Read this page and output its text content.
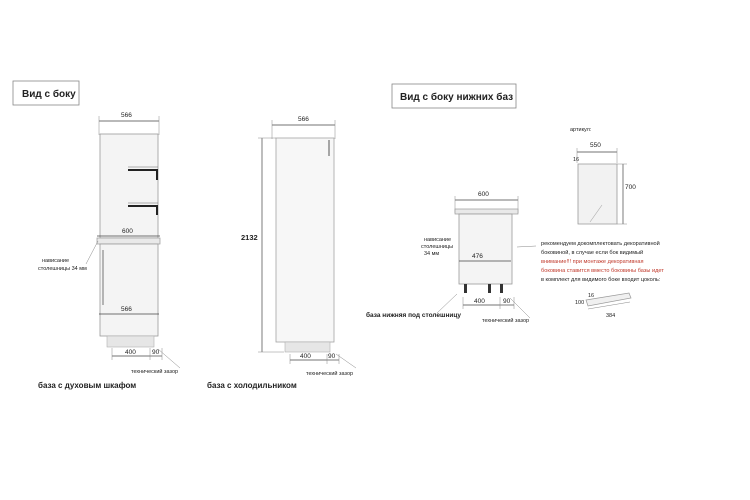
Вид с боку	Вид с боку нижних баз
566
600
566
нависание
столешницы 34 мм
400 90
технический зазор
база с духовым шкафом
566
2132
400	90
технический зазор
база с холодильником
600
476
нависание
столешницы
34 мм
400	90
технический зазор
база нижняя под столешницу
артикул:
550
16
700
рекомендуем докомплектовать декоративной
боковиной, в случае если бок видимый
внимание!!! при монтаже декоративная
боковина ставится вместо боковины базы идет
в комплект для видимого боке входит цоколь:
16
100
384
